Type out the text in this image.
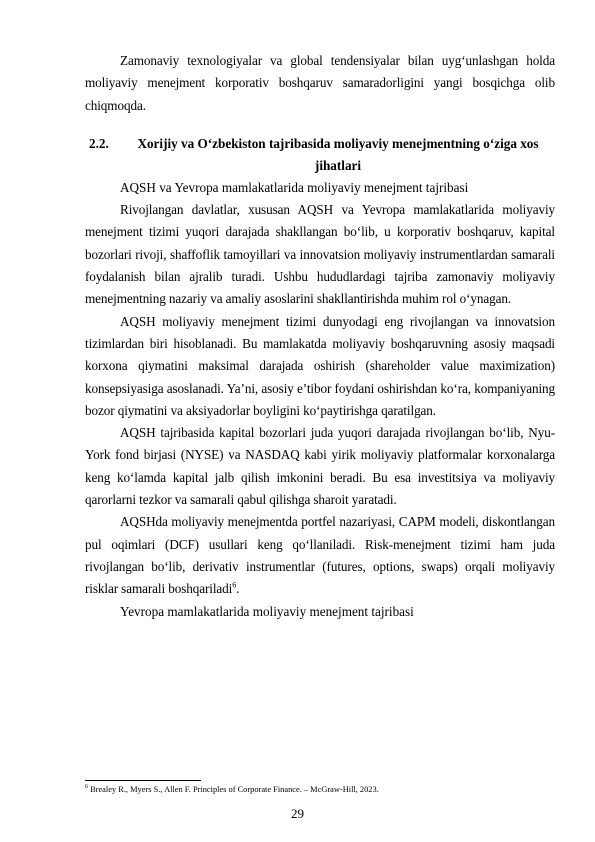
Zamonaviy texnologiyalar va global tendensiyalar bilan uyg‘unlashgan holda moliyaviy menejment korporativ boshqaruv samaradorligini yangi bosqichga olib chiqmoqda.

2.2.	Xorijiy va O‘zbekiston tajribasida moliyaviy menejmentning o‘ziga xos jihatlari

AQSH va Yevropa mamlakatlarida moliyaviy menejment tajribasi

Rivojlangan davlatlar, xususan AQSH va Yevropa mamlakatlarida moliyaviy menejment tizimi yuqori darajada shakllangan bo‘lib, u korporativ boshqaruv, kapital bozorlari rivoji, shaffoflik tamoyillari va innovatsion moliyaviy instrumentlardan samarali foydalanish bilan ajralib turadi. Ushbu hududlardagi tajriba zamonaviy moliyaviy menejmentning nazariy va amaliy asoslarini shakllantirishda muhim rol o‘ynagan.

AQSH moliyaviy menejment tizimi dunyodagi eng rivojlangan va innovatsion tizimlardan biri hisoblanadi. Bu mamlakatda moliyaviy boshqaruvning asosiy maqsadi korxona qiymatini maksimal darajada oshirish (shareholder value maximization) konsepsiyasiga asoslanadi. Ya’ni, asosiy e’tibor foydani oshirishdan ko‘ra, kompaniyaning bozor qiymatini va aksiyadorlar boyligini ko‘paytirishga qaratilgan.

AQSH tajribasida kapital bozorlari juda yuqori darajada rivojlangan bo‘lib, Nyu-York fond birjasi (NYSE) va NASDAQ kabi yirik moliyaviy platformalar korxonalarga keng ko‘lamda kapital jalb qilish imkonini beradi. Bu esa investitsiya va moliyaviy qarorlarni tezkor va samarali qabul qilishga sharoit yaratadi.

AQSHda moliyaviy menejmentda portfel nazariyasi, CAPM modeli, diskontlangan pul oqimlari (DCF) usullari keng qo‘llaniladi. Risk-menejment tizimi ham juda rivojlangan bo‘lib, derivativ instrumentlar (futures, options, swaps) orqali moliyaviy risklar samarali boshqariladi$^6$.

Yevropa mamlakatlarida moliyaviy menejment tajribasi

$^6$ Brealey R., Myers S., Allen F. Principles of Corporate Finance. – McGraw-Hill, 2023.
29
